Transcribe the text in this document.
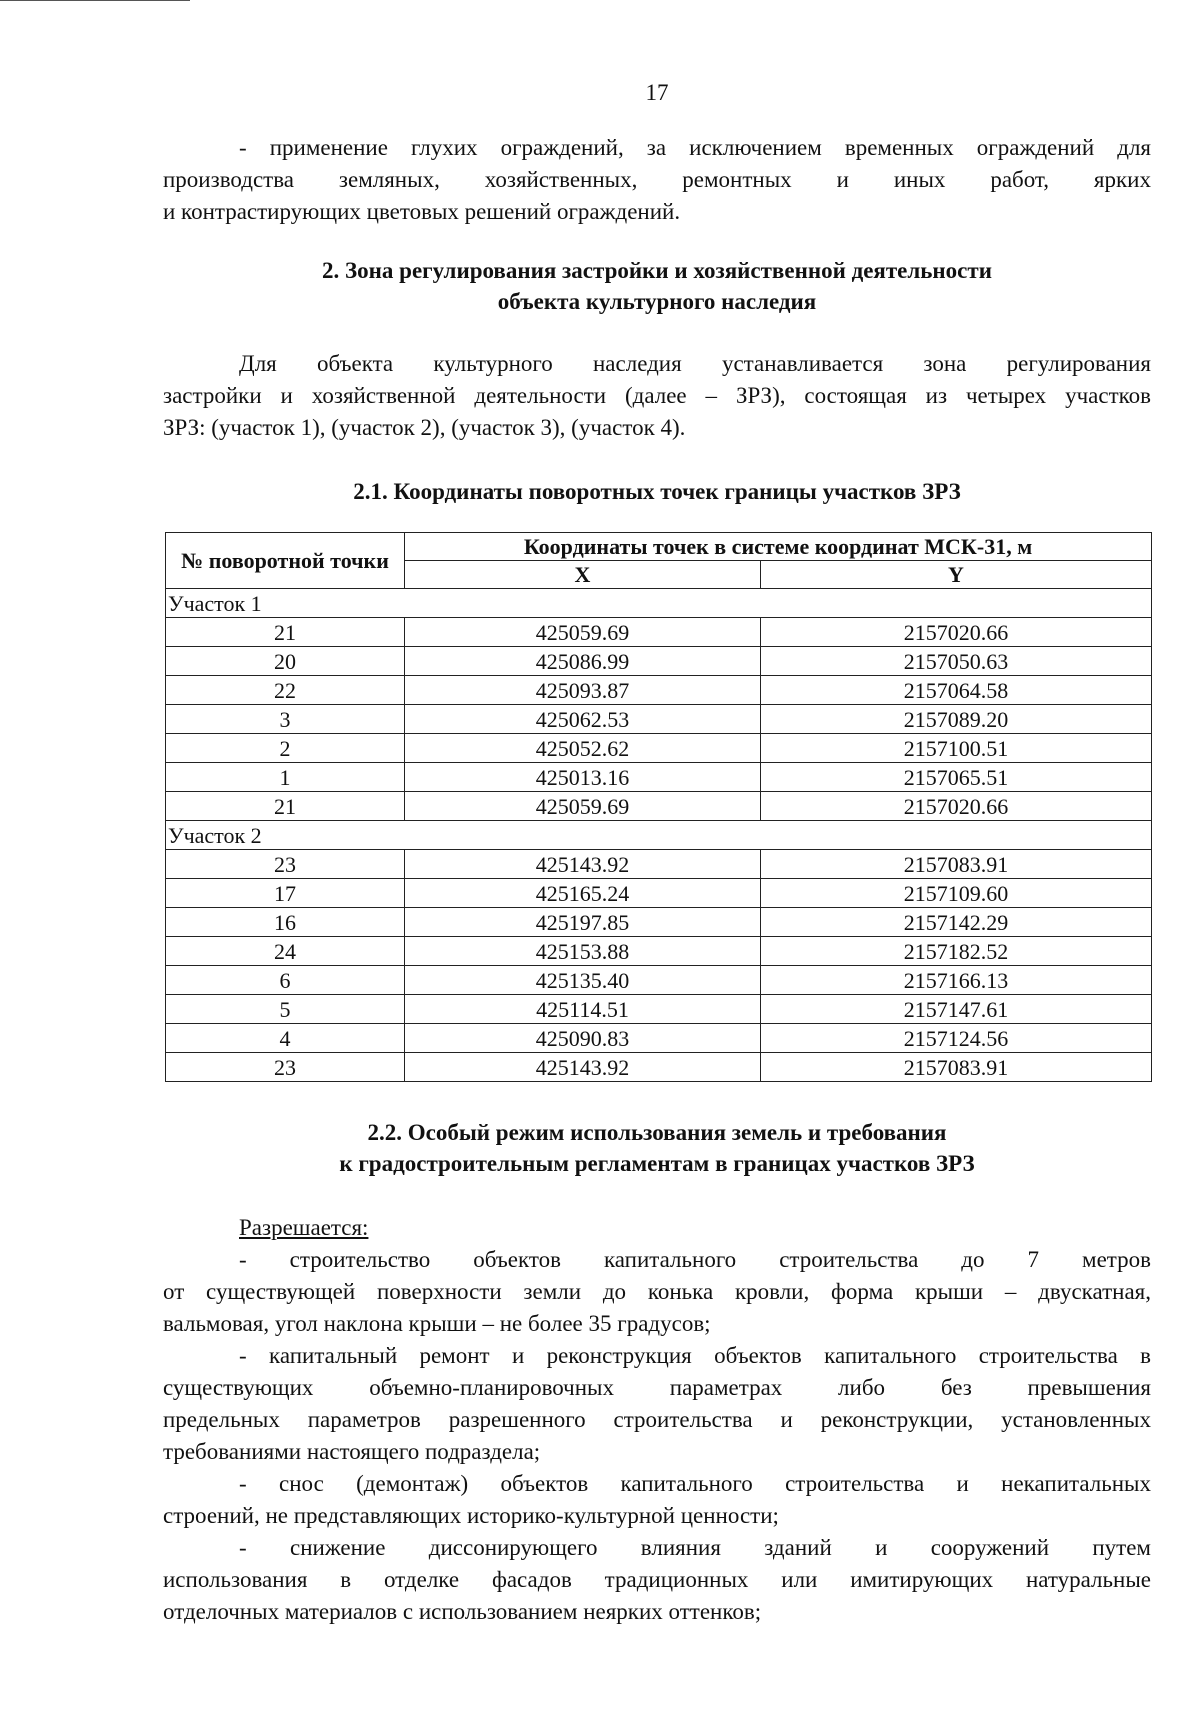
17
- применение глухих ограждений, за исключением временных ограждений для
производства земляных, хозяйственных, ремонтных и иных работ, ярких
и контрастирующих цветовых решений ограждений.
2. Зона регулирования застройки и хозяйственной деятельности
объекта культурного наследия
Для объекта культурного наследия устанавливается зона регулирования
застройки и хозяйственной деятельности (далее – ЗРЗ), состоящая из четырех участков
ЗРЗ: (участок 1), (участок 2), (участок 3), (участок 4).
2.1. Координаты поворотных точек границы участков ЗРЗ
№ поворотной точки	Координаты точек в системе координат МСК-31, м	
	X	Y
Участок 1		
21	425059.69	2157020.66
20	425086.99	2157050.63
22	425093.87	2157064.58
3	425062.53	2157089.20
2	425052.62	2157100.51
1	425013.16	2157065.51
21	425059.69	2157020.66
Участок 2		
23	425143.92	2157083.91
17	425165.24	2157109.60
16	425197.85	2157142.29
24	425153.88	2157182.52
6	425135.40	2157166.13
5	425114.51	2157147.61
4	425090.83	2157124.56
23	425143.92	2157083.91
2.2. Особый режим использования земель и требования
к градостроительным регламентам в границах участков ЗРЗ
Разрешается:
- строительство объектов капитального строительства до 7 метров
от существующей поверхности земли до конька кровли, форма крыши – двускатная,
вальмовая, угол наклона крыши – не более 35 градусов;
- капитальный ремонт и реконструкция объектов капитального строительства в
существующих объемно-планировочных параметрах либо без превышения
предельных параметров разрешенного строительства и реконструкции, установленных
требованиями настоящего подраздела;
- снос (демонтаж) объектов капитального строительства и некапитальных
строений, не представляющих историко-культурной ценности;
- снижение диссонирующего влияния зданий и сооружений путем
использования в отделке фасадов традиционных или имитирующих натуральные
отделочных материалов с использованием неярких оттенков;
